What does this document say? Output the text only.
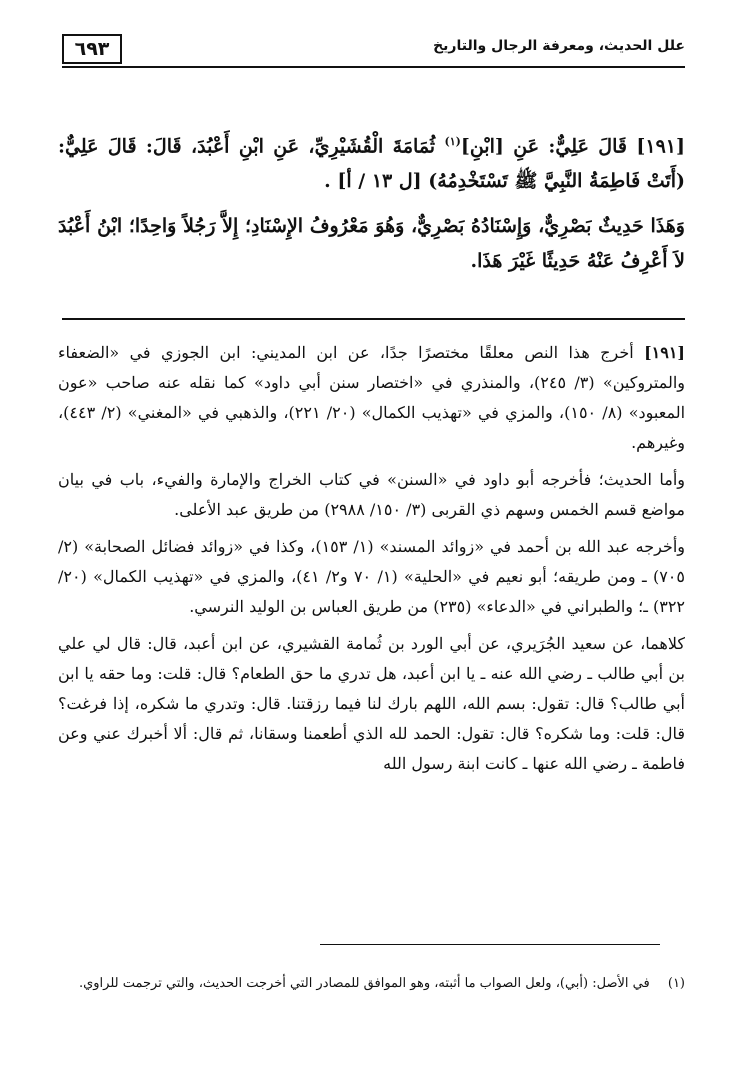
٦٩٣	علل الحديث، ومعرفة الرجال والتاريخ

[١٩١] قَالَ عَلِيٌّ: عَنِ [ابْنِ]$^{(١)}$ ثُمَامَةَ الْقُشَيْرِيِّ، عَنِ ابْنِ أَعْبُدَ، قَالَ: قَالَ عَلِيٌّ: (أَتَتْ فَاطِمَةُ النَّبِيَّ ﷺ تَسْتَخْدِمُهُ) [ل ١٣ / أ] .

وَهَذَا حَدِيثٌ بَصْرِيٌّ، وَإِسْنَادُهُ بَصْرِيٌّ، وَهُوَ مَعْرُوفُ الإِسْنَادِ؛ إِلاَّ رَجُلاً وَاحِدًا؛ ابْنُ أَعْبُدَ لاَ أَعْرِفُ عَنْهُ حَدِيثًا غَيْرَ هَذَا.

[١٩١] أخرج هذا النص معلقًا مختصرًا جدًا، عن ابن المديني: ابن الجوزي في «الضعفاء والمتروكين» (٣/ ٢٤٥)، والمنذري في «اختصار سنن أبي داود» كما نقله عنه صاحب «عون المعبود» (٨/ ١٥٠)، والمزي في «تهذيب الكمال» (٢٠/ ٢٢١)، والذهبي في «المغني» (٢/ ٤٤٣)، وغيرهم.

وأما الحديث؛ فأخرجه أبو داود في «السنن» في كتاب الخراج والإمارة والفيء، باب في بيان مواضع قسم الخمس وسهم ذي القربى (٣/ ١٥٠/ ٢٩٨٨) من طريق عبد الأعلى.

وأخرجه عبد الله بن أحمد في «زوائد المسند» (١/ ١٥٣)، وكذا في «زوائد فضائل الصحابة» (٢/ ٧٠٥) ـ ومن طريقه؛ أبو نعيم في «الحلية» (١/ ٧٠ و٢/ ٤١)، والمزي في «تهذيب الكمال» (٢٠/ ٣٢٢) ـ؛ والطبراني في «الدعاء» (٢٣٥) من طريق العباس بن الوليد النرسي.

كلاهما، عن سعيد الجُرَيري، عن أبي الورد بن ثُمامة القشيري، عن ابن أعبد، قال: قال لي علي بن أبي طالب ـ رضي الله عنه ـ يا ابن أعبد، هل تدري ما حق الطعام؟ قال: قلت: وما حقه يا ابن أبي طالب؟ قال: تقول: بسم الله، اللهم بارك لنا فيما رزقتنا. قال: وتدري ما شكره، إذا فرغت؟ قال: قلت: وما شكره؟ قال: تقول: الحمد لله الذي أطعمنا وسقانا، ثم قال: ألا أخبرك عني وعن فاطمة ـ رضي الله عنها ـ كانت ابنة رسول الله

(١) في الأصل: (أبي)، ولعل الصواب ما أثبته، وهو الموافق للمصادر التي أخرجت الحديث، والتي ترجمت للراوي.
